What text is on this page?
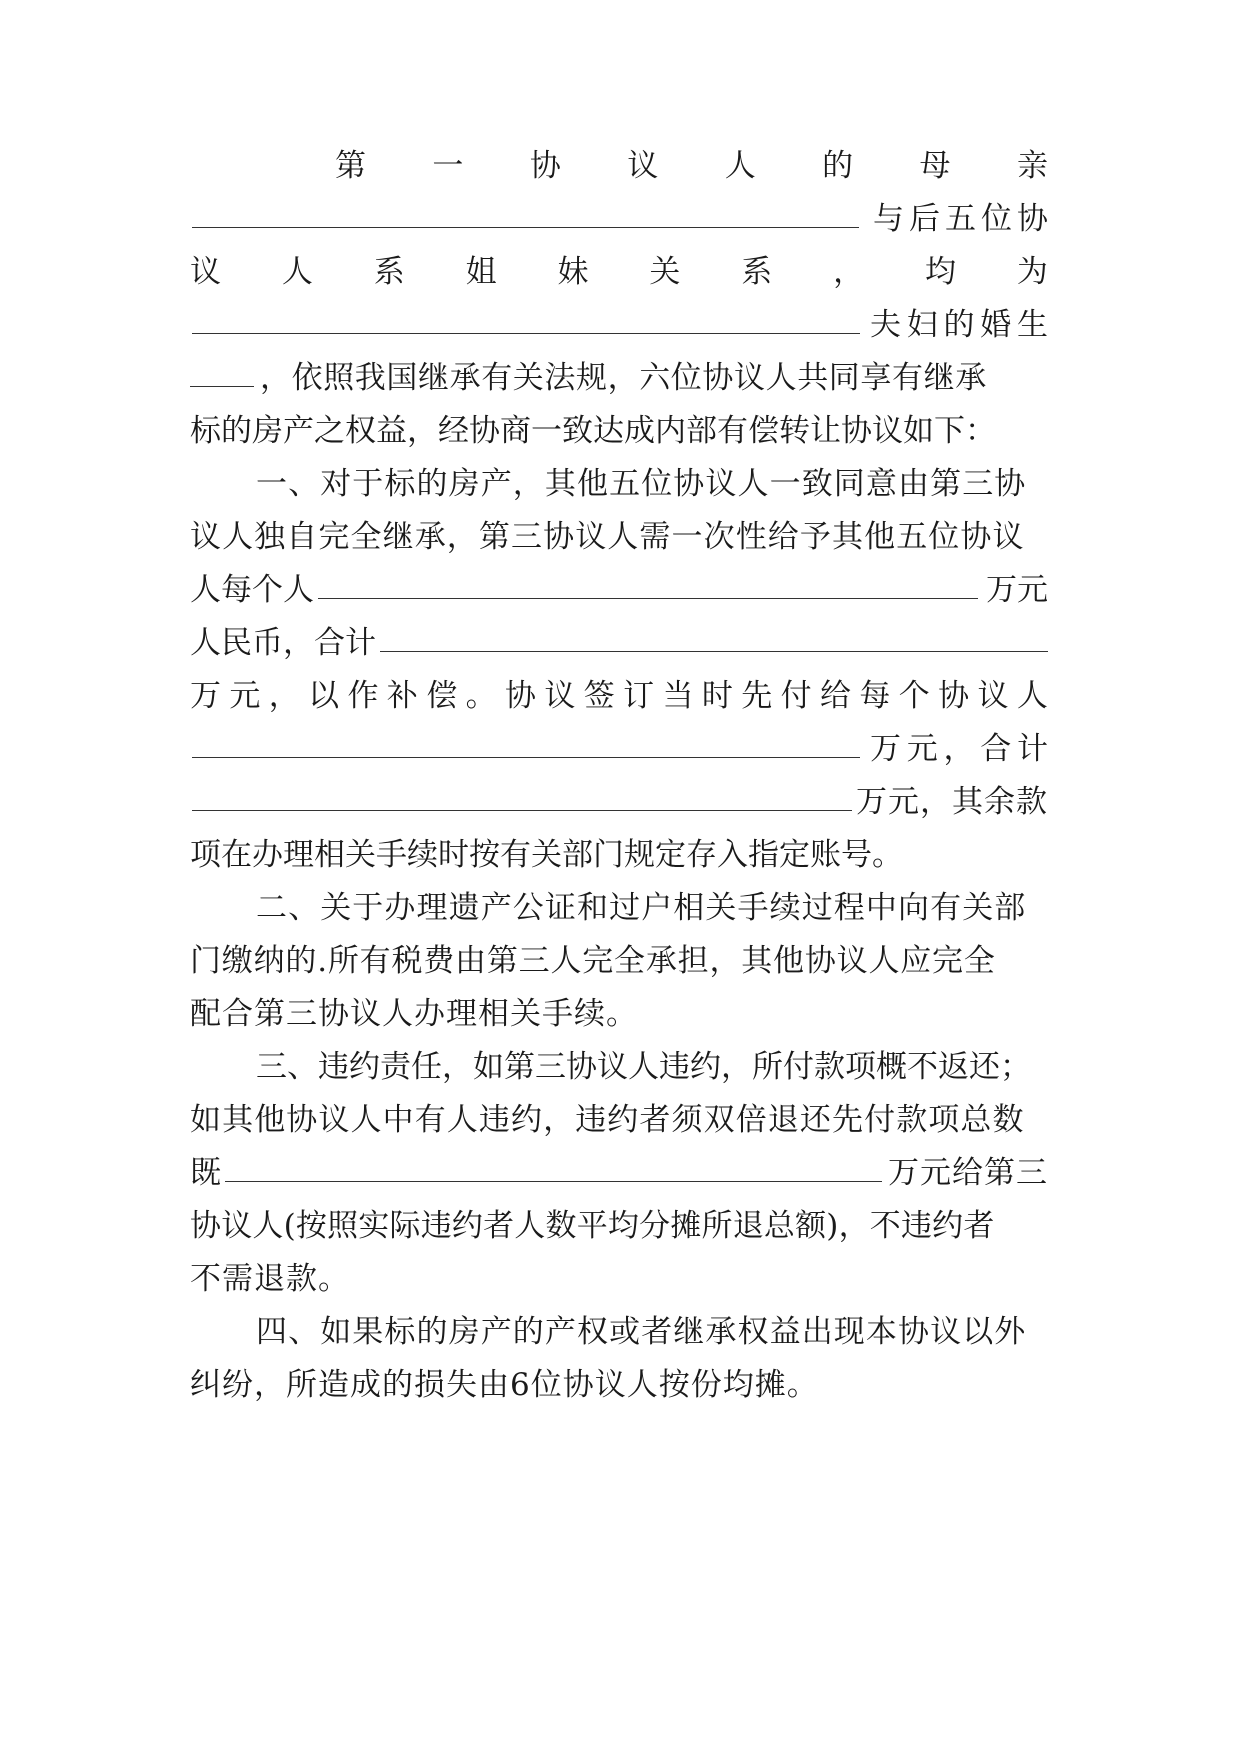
第 一 协 议 人 的 母 亲
与 后 五 位 协
议 人 系 姐 妹 关 系 ， 均 为
夫 妇 的 婚 生
，依照我国继承有关法规，六位协议人共同享有继承
标的房产之权益，经协商一致达成内部有偿转让协议如下：
一、对于标的房产，其他五位协议人一致同意由第三协
议人独自完全继承，第三协议人需一次性给予其他五位协议
人每个人	万元
人民币，合计
万 元 ， 以 作 补 偿 。 协 议 签 订 当 时 先 付 给 每 个 协 议 人
万 元 ， 合 计
万元，其余款
项在办理相关手续时按有关部门规定存入指定账号。
二、关于办理遗产公证和过户相关手续过程中向有关部
门缴纳的.所有税费由第三人完全承担，其他协议人应完全
配合第三协议人办理相关手续。
三、违约责任，如第三协议人违约，所付款项概不返还；
如其他协议人中有人违约，违约者须双倍退还先付款项总数
既	万元给第三
协议人(按照实际违约者人数平均分摊所退总额)，不违约者
不需退款。
四、如果标的房产的产权或者继承权益出现本协议以外
纠纷，所造成的损失由6位协议人按份均摊。
